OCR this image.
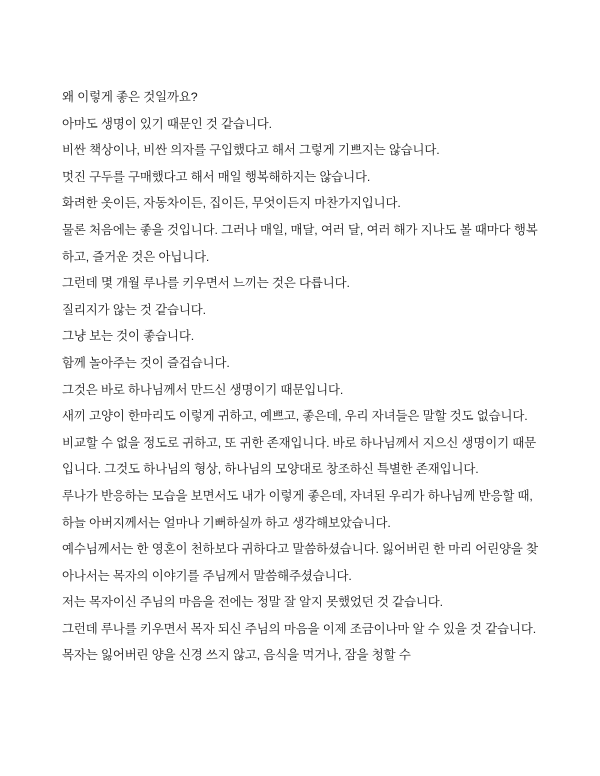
왜 이렇게 좋은 것일까요?

아마도 생명이 있기 때문인 것 같습니다.

비싼 책상이나, 비싼 의자를 구입했다고 해서 그렇게 기쁘지는 않습니다.

멋진 구두를 구매했다고 해서 매일 행복해하지는 않습니다.

화려한 옷이든, 자동차이든, 집이든, 무엇이든지 마찬가지입니다.

물론 처음에는 좋을 것입니다. 그러나 매일, 매달, 여러 달, 여러 해가 지나도 볼 때마다 행복하고, 즐거운 것은 아닙니다.

그런데 몇 개월 루나를 키우면서 느끼는 것은 다릅니다.

질리지가 않는 것 같습니다.

그냥 보는 것이 좋습니다.

함께 놀아주는 것이 즐겁습니다.

그것은 바로 하나님께서 만드신 생명이기 때문입니다.

새끼 고양이 한마리도 이렇게 귀하고, 예쁘고, 좋은데, 우리 자녀들은 말할 것도 없습니다. 비교할 수 없을 정도로 귀하고, 또 귀한 존재입니다. 바로 하나님께서 지으신 생명이기 때문입니다. 그것도 하나님의 형상, 하나님의 모양대로 창조하신 특별한 존재입니다.

루나가 반응하는 모습을 보면서도 내가 이렇게 좋은데, 자녀된 우리가 하나님께 반응할 때, 하늘 아버지께서는 얼마나 기뻐하실까 하고 생각해보았습니다.

예수님께서는 한 영혼이 천하보다 귀하다고 말씀하셨습니다. 잃어버린 한 마리 어린양을 찾아나서는 목자의 이야기를 주님께서 말씀해주셨습니다.

저는 목자이신 주님의 마음을 전에는 정말 잘 알지 못했었던 것 같습니다.

그런데 루나를 키우면서 목자 되신 주님의 마음을 이제 조금이나마 알 수 있을 것 같습니다. 목자는 잃어버린 양을 신경 쓰지 않고, 음식을 먹거나, 잠을 청할 수
